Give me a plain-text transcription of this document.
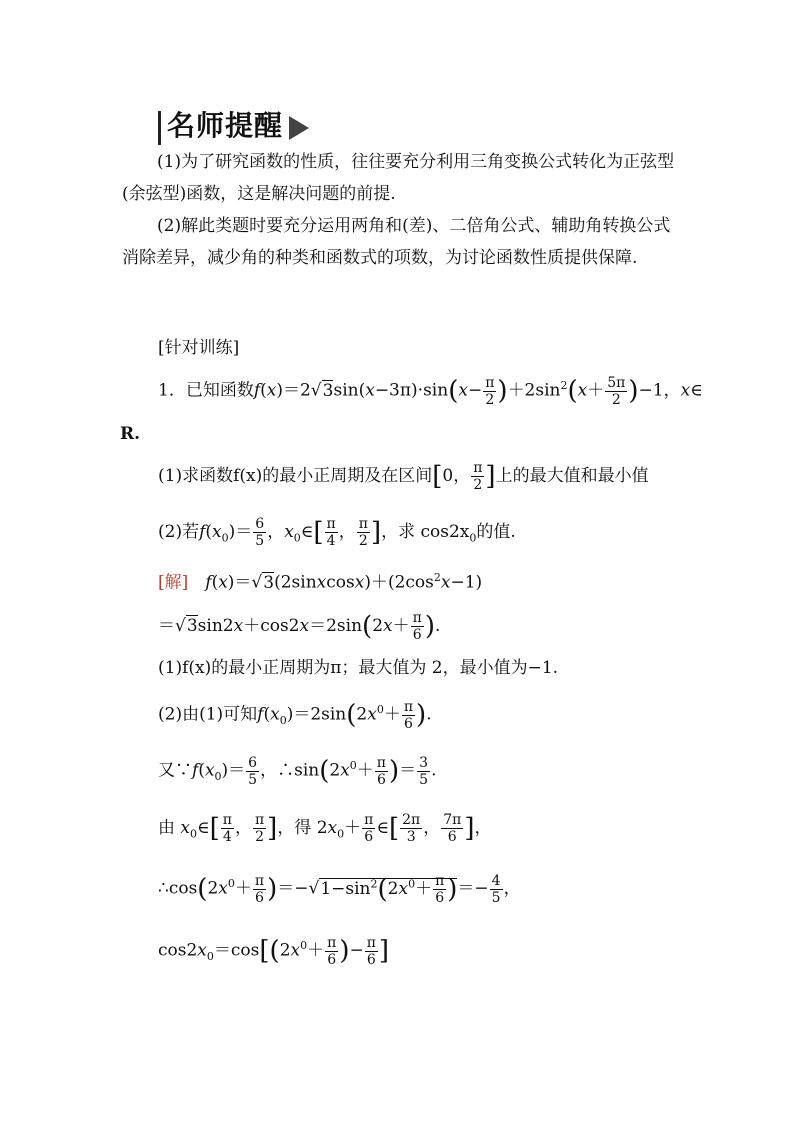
名师提醒
(1)为了研究函数的性质，往往要充分利用三角变换公式转化为正弦型(余弦型)函数，这是解决问题的前提.
(2)解此类题时要充分运用两角和(差)、二倍角公式、辅助角转换公式消除差异，减少角的种类和函数式的项数，为讨论函数性质提供保障.
[针对训练]
1．已知函数$f(x)=2√3\sin(x-3\pi)\cdot\sin(x- \frac{\pi}{2} )+2\sin^2(x+ \frac{5\pi}{2} )-1$，x∈
R.
(1)求函数f(x)的最小正周期及在区间[0， $\frac{\pi}{2}$ ]上的最大值和最小值
(2)若$f(x_0)= \frac{6}{5}$ ，$x_0\in[ \frac{\pi}{4}$ ， $\frac{\pi}{2}$ ]，求 $\cos 2x_0$的值.
[解]　 $f(x)=√3(2sinxcosx)+(2\cos^2x-1)$
$=√3\sin 2x+\cos 2x=2\sin(2x+ \frac{\pi}{6}$ ).
(1)f(x)的最小正周期为π；最大值为 2，最小值为−1.
(2)由(1)可知$f(x_0)=2\sin(2x^0+ \frac{\pi}{6}$ ).
又$\because f(x_0)= \frac{6}{5}$ ，$\therefore\sin(2x^0+ \frac{\pi}{6}$ )＝ $\frac{3}{5}$ .
由 $x_0\in[ \frac{\pi}{4}$ ， $\frac{\pi}{2}$ ]，得 $2x_0+ \frac{\pi}{6}$ ∈[ $\frac{2\pi}{3}$ ， $\frac{7\pi}{6}$ ]，
$\therefore\cos(2x^0+ \frac{\pi}{6} )=-√1-\sin^2(2x^0+ \frac{\pi}{6}$ )＝− $\frac{4}{5}$ ，
$\cos 2x_0=\cos[(2x^0+ \frac{\pi}{6}$ )− $\frac{\pi}{6}$ ]
